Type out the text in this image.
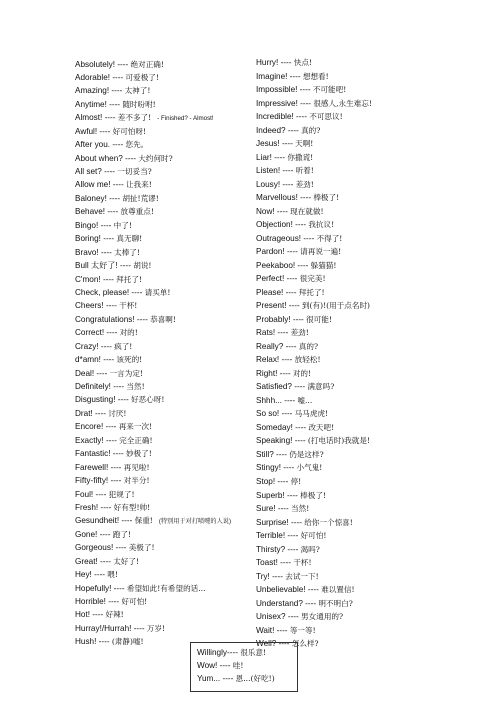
Absolutely! ---- 绝对正确!
Adorable! ---- 可爱极了!
Amazing! ---- 太神了!
Anytime! ---- 随时吩咐!
Almost! ---- 差不多了! - Finished? - Almost!
Awful! ---- 好可怕呀!
After you. ---- 您先。
About when? ---- 大约何时?
All set? ---- 一切妥当?
Allow me! ---- 让我来!
Baloney! ---- 胡扯!荒谬!
Behave! ---- 放尊重点!
Bingo! ---- 中了!
Boring! ---- 真无聊!
Bravo! ---- 太棒了!
Bull 太好了! ---- 胡说!
C'mon! ---- 拜托了!
Check, please! ---- 请买单!
Cheers! ---- 干杯!
Congratulations! ---- 恭喜啊!
Correct! ---- 对的!
Crazy! ---- 疯了!
d*amn! ---- 该死的!
Deal! ---- 一言为定!
Definitely! ---- 当然!
Disgusting! ---- 好恶心呀!
Drat! ---- 讨厌!
Encore! ---- 再来一次!
Exactly! ---- 完全正确!
Fantastic! ---- 妙极了!
Farewell! ---- 再见啦!
Fifty-fifty! ---- 对半分!
Foul! ---- 犯规了!
Fresh! ---- 好有型!帅!
Gesundheit! ---- 保重! (特别用于对打喷嚏的人说)
Gone! ---- 跑了!
Gorgeous! ---- 美极了!
Great! ---- 太好了!
Hey! ---- 喂!
Hopefully! ---- 希望如此!有希望的话...
Horrible! ---- 好可怕!
Hot! ---- 好辣!
Hurray!/Hurrah! ---- 万岁!
Hush! ---- (肃静)嘘!
Hurry! ---- 快点!
Imagine! ---- 想想看!
Impossible! ---- 不可能吧!
Impressive! ---- 很感人,永生难忘!
Incredible! ---- 不可思议!
Indeed? ---- 真的?
Jesus! ---- 天啊!
Liar! ---- 你撒谎!
Listen! ---- 听着!
Lousy! ---- 差劲!
Marvellous! ---- 棒极了!
Now! ---- 现在就做!
Objection! ---- 我抗议!
Outrageous! ---- 不得了!
Pardon! ---- 请再说一遍!
Peekaboo! ---- 躲猫猫!
Perfect! ---- 很完美!
Please! ---- 拜托了!
Present! ---- 到(有)!(用于点名时)
Probably! ---- 很可能!
Rats! ---- 差劲!
Really? ---- 真的?
Relax! ---- 放轻松!
Right! ---- 对的!
Satisfied? ---- 满意吗?
Shhh... ---- 嘘...
So so! ---- 马马虎虎!
Someday! ---- 改天吧!
Speaking! ---- (打电话时)我就是!
Still? ---- 仍是这样?
Stingy! ---- 小气鬼!
Stop! ---- 停!
Superb! ---- 棒极了!
Sure! ---- 当然!
Surprise! ---- 给你一个惊喜!
Terrible! ---- 好可怕!
Thirsty? ---- 渴吗?
Toast! ---- 干杯!
Try! ---- 去试一下!
Unbelievable! ---- 难以置信!
Understand? ---- 明不明白?
Unisex? ---- 男女通用的?
Wait! ---- 等一等!
Well? ---- 怎么样?
Willingly---- 很乐意!
Wow! ---- 哇!
Yum... ---- 恩...(好吃!)
